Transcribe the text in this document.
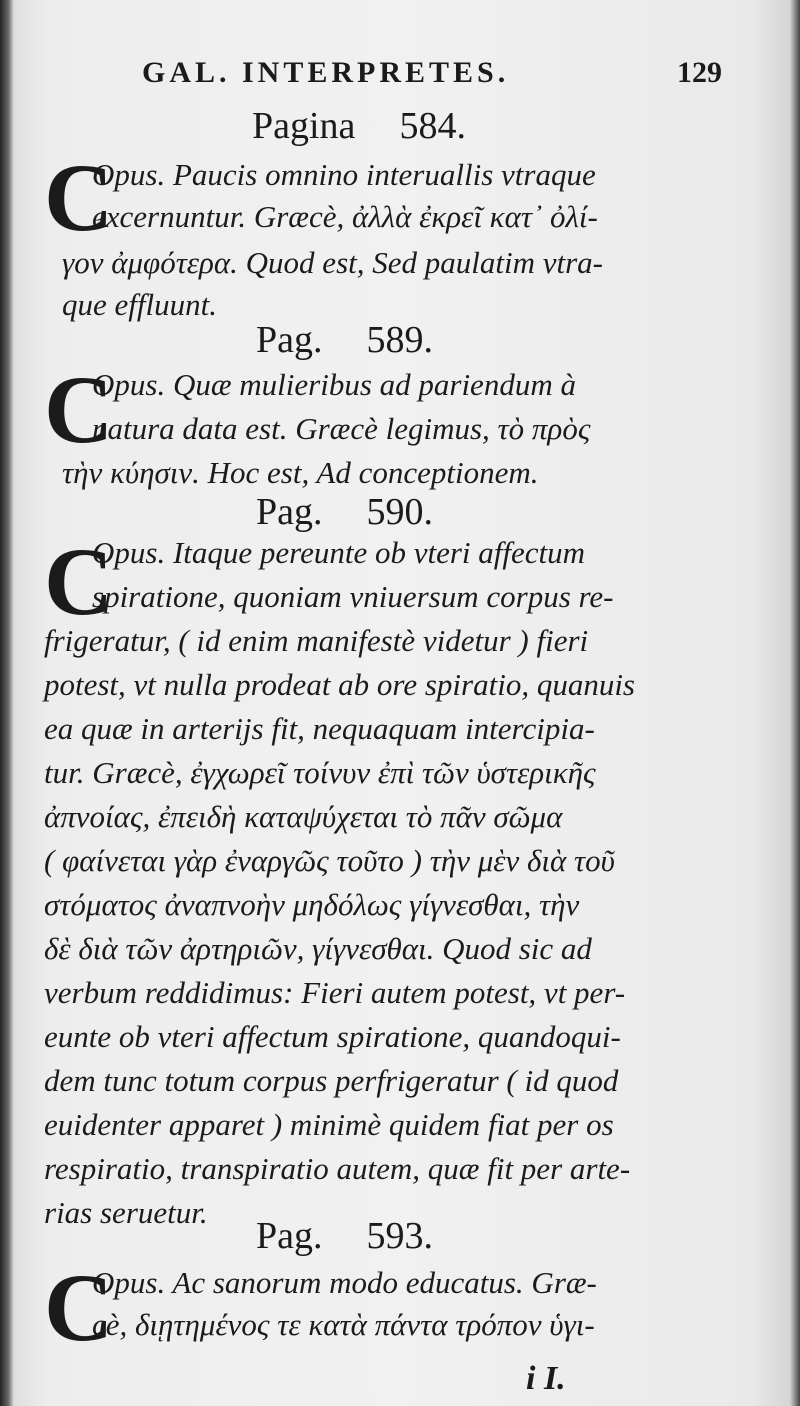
GAL. INTERPRETES.	129
Pagina 584.
C
Opus. Paucis omnino interuallis vtraque
excernuntur. Græcè, ἀλλὰ ἐκρεῖ κατ᾽ ὀλί-
γον ἀμφότερα. Quod est, Sed paulatim vtra-
que effluunt.
Pag. 589.
C
Opus. Quæ mulieribus ad pariendum à
natura data est. Græcè legimus, τὸ πρὸς
τὴν κύησιν. Hoc est, Ad conceptionem.
Pag. 590.
C
Opus. Itaque pereunte ob vteri affectum
spiratione, quoniam vniuersum corpus re-
frigeratur, ( id enim manifestè videtur ) fieri
potest, vt nulla prodeat ab ore spiratio, quanuis
ea quæ in arterijs fit, nequaquam intercipia-
tur. Græcè, ἐγχωρεῖ τοίνυν ἐπὶ τῶν ὑστερικῆς
ἀπνοίας, ἐπειδὴ καταψύχεται τὸ πᾶν σῶμα
( φαίνεται γὰρ ἐναργῶς τοῦτο ) τὴν μὲν διὰ τοῦ
στόματος ἀναπνοὴν μηδόλως γίγνεσθαι, τὴν
δὲ διὰ τῶν ἀρτηριῶν, γίγνεσθαι. Quod sic ad
verbum reddidimus: Fieri autem potest, vt per-
eunte ob vteri affectum spiratione, quandoqui-
dem tunc totum corpus perfrigeratur ( id quod
euidenter apparet ) minimè quidem fiat per os
respiratio, transpiratio autem, quæ fit per arte-
rias seruetur.
Pag. 593.
C
Opus. Ac sanorum modo educatus. Græ-
cè, διῃτημένος τε κατὰ πάντα τρόπον ὑγι-
i I.
